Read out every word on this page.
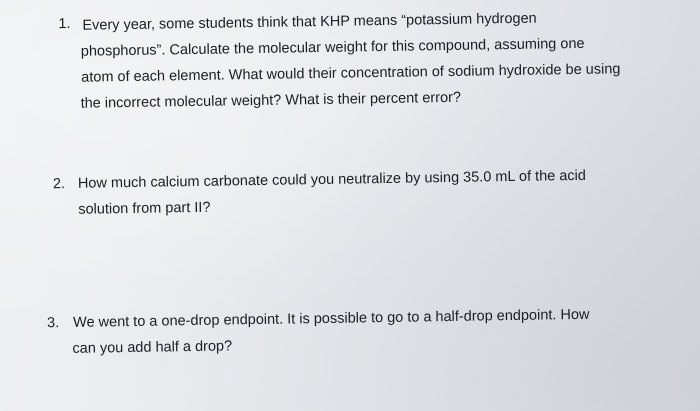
1. Every year, some students think that KHP means “potassium hydrogen
phosphorus”. Calculate the molecular weight for this compound, assuming one
atom of each element. What would their concentration of sodium hydroxide be using
the incorrect molecular weight? What is their percent error?
2. How much calcium carbonate could you neutralize by using 35.0 mL of the acid
solution from part II?
3. We went to a one-drop endpoint. It is possible to go to a half-drop endpoint. How
can you add half a drop?
